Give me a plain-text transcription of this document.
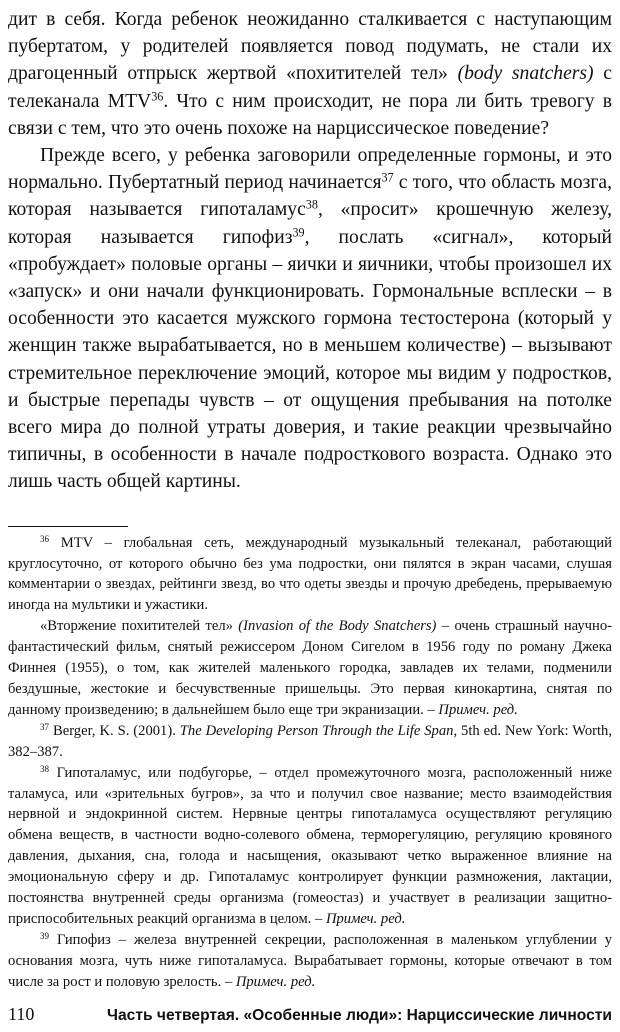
дит в себя. Когда ребенок неожиданно сталкивается с наступающим пубертатом, у родителей появляется повод подумать, не стали их драгоценный отпрыск жертвой «похитителей тел» (body snatchers) с телеканала MTV$^{36}$. Что с ним происходит, не пора ли бить тревогу в связи с тем, что это очень похоже на нарциссическое поведение?

Прежде всего, у ребенка заговорили определенные гормоны, и это нормально. Пубертатный период начинается$^{37}$ с того, что область мозга, которая называется гипоталамус$^{38}$, «просит» крошечную железу, которая называется гипофиз$^{39}$, послать «сигнал», который «пробуждает» половые органы – яички и яичники, чтобы произошел их «запуск» и они начали функционировать. Гормональные всплески – в особенности это касается мужского гормона тестостерона (который у женщин также вырабатывается, но в меньшем количестве) – вызывают стремительное переключение эмоций, которое мы видим у подростков, и быстрые перепады чувств – от ощущения пребывания на потолке всего мира до полной утраты доверия, и такие реакции чрезвычайно типичны, в особенности в начале подросткового возраста. Однако это лишь часть общей картины.

$^{36}$ MTV – глобальная сеть, международный музыкальный телеканал, работающий круглосуточно, от которого обычно без ума подростки, они пялятся в экран часами, слушая комментарии о звездах, рейтинги звезд, во что одеты звезды и прочую дребедень, прерываемую иногда на мультики и ужастики.

«Вторжение похитителей тел» (Invasion of the Body Snatchers) – очень страшный научно-фантастический фильм, снятый режиссером Доном Сигелом в 1956 году по роману Джека Финнея (1955), о том, как жителей маленького городка, завладев их телами, подменили бездушные, жестокие и бесчувственные пришельцы. Это первая кинокартина, снятая по данному произведению; в дальнейшем было еще три экранизации. – Примеч. ред.

$^{37}$ Berger, K. S. (2001). The Developing Person Through the Life Span, 5th ed. New York: Worth, 382–387.

$^{38}$ Гипоталамус, или подбугорье, – отдел промежуточного мозга, расположенный ниже таламуса, или «зрительных бугров», за что и получил свое название; место взаимодействия нервной и эндокринной систем. Нервные центры гипоталамуса осуществляют регуляцию обмена веществ, в частности водно-солевого обмена, терморегуляцию, регуляцию кровяного давления, дыхания, сна, голода и насыщения, оказывают четко выраженное влияние на эмоциональную сферу и др. Гипоталамус контролирует функции размножения, лактации, постоянства внутренней среды организма (гомеостаз) и участвует в реализации защитно-приспособительных реакций организма в целом. – Примеч. ред.

$^{39}$ Гипофиз – железа внутренней секреции, расположенная в маленьком углублении у основания мозга, чуть ниже гипоталамуса. Вырабатывает гормоны, которые отвечают в том числе за рост и половую зрелость. – Примеч. ред.

110	Часть четвертая. «Особенные люди»: Нарциссические личности
